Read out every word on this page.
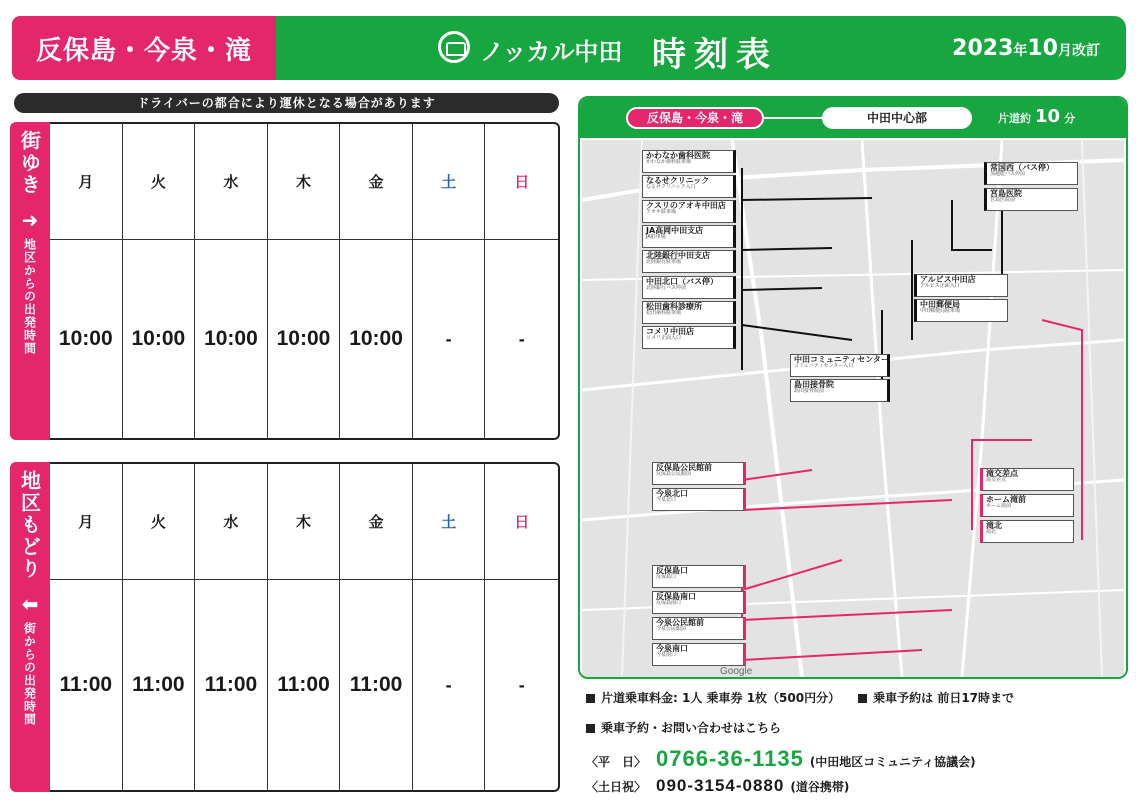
反保島・今泉・滝	ノッカル中田 時刻表	2023年10月改訂
ドライバーの都合により運休となる場合があります
街ゆき
➜
地区からの出発時間
月	火	水	木	金	土	日
10:00 10:00 10:00 10:00 10:00 -	-
地区もどり
⬅
街からの出発時間
月	火	水	木	金	土	日
11:00 11:00 11:00 11:00 11:00 -	-
反保島・今泉・滝	中田中心部	片道約 10 分
かわなか歯科医院
かわなか歯科駐車場
なるせクリニック
なるせクリニック入口
クスリのアオキ中田店
アオキ駐車場
JA高岡中田支店
JA駐車場
北陸銀行中田支店
北陸銀行駐車場
中田北口（バス停）
北陸銀行バス停前
松田歯科診療所
松田歯科駐車場
コメリ中田店
コメリ正面入口
中田コミュニティセンター
コミュニティセンター入口
島田接骨院
島田接骨院前
常国西（バス停）
加越能バス停前
宮島医院
宮島医院前
アルビス中田店
アルビス正面入口
中田郵便局
中田郵便局駐車場
反保島公民館前
反保島公民館前
今泉北口
今泉北口
反保島口
反保島口
反保島南口
反保島南口
今泉公民館前
今泉公民館前
今泉南口
今泉南口
滝交差点
滝交差点
ホーム滝前
ホーム滝前
滝北
滝北
Google
片道乗車料金: 1人 乗車券 1枚（500円分）	乗車予約は 前日17時まで
乗車予約・お問い合わせはこちら
〈平　日〉 0766-36-1135 (中田地区コミュニティ協議会)
〈土日祝〉 090-3154-0880 (道谷携帯)
